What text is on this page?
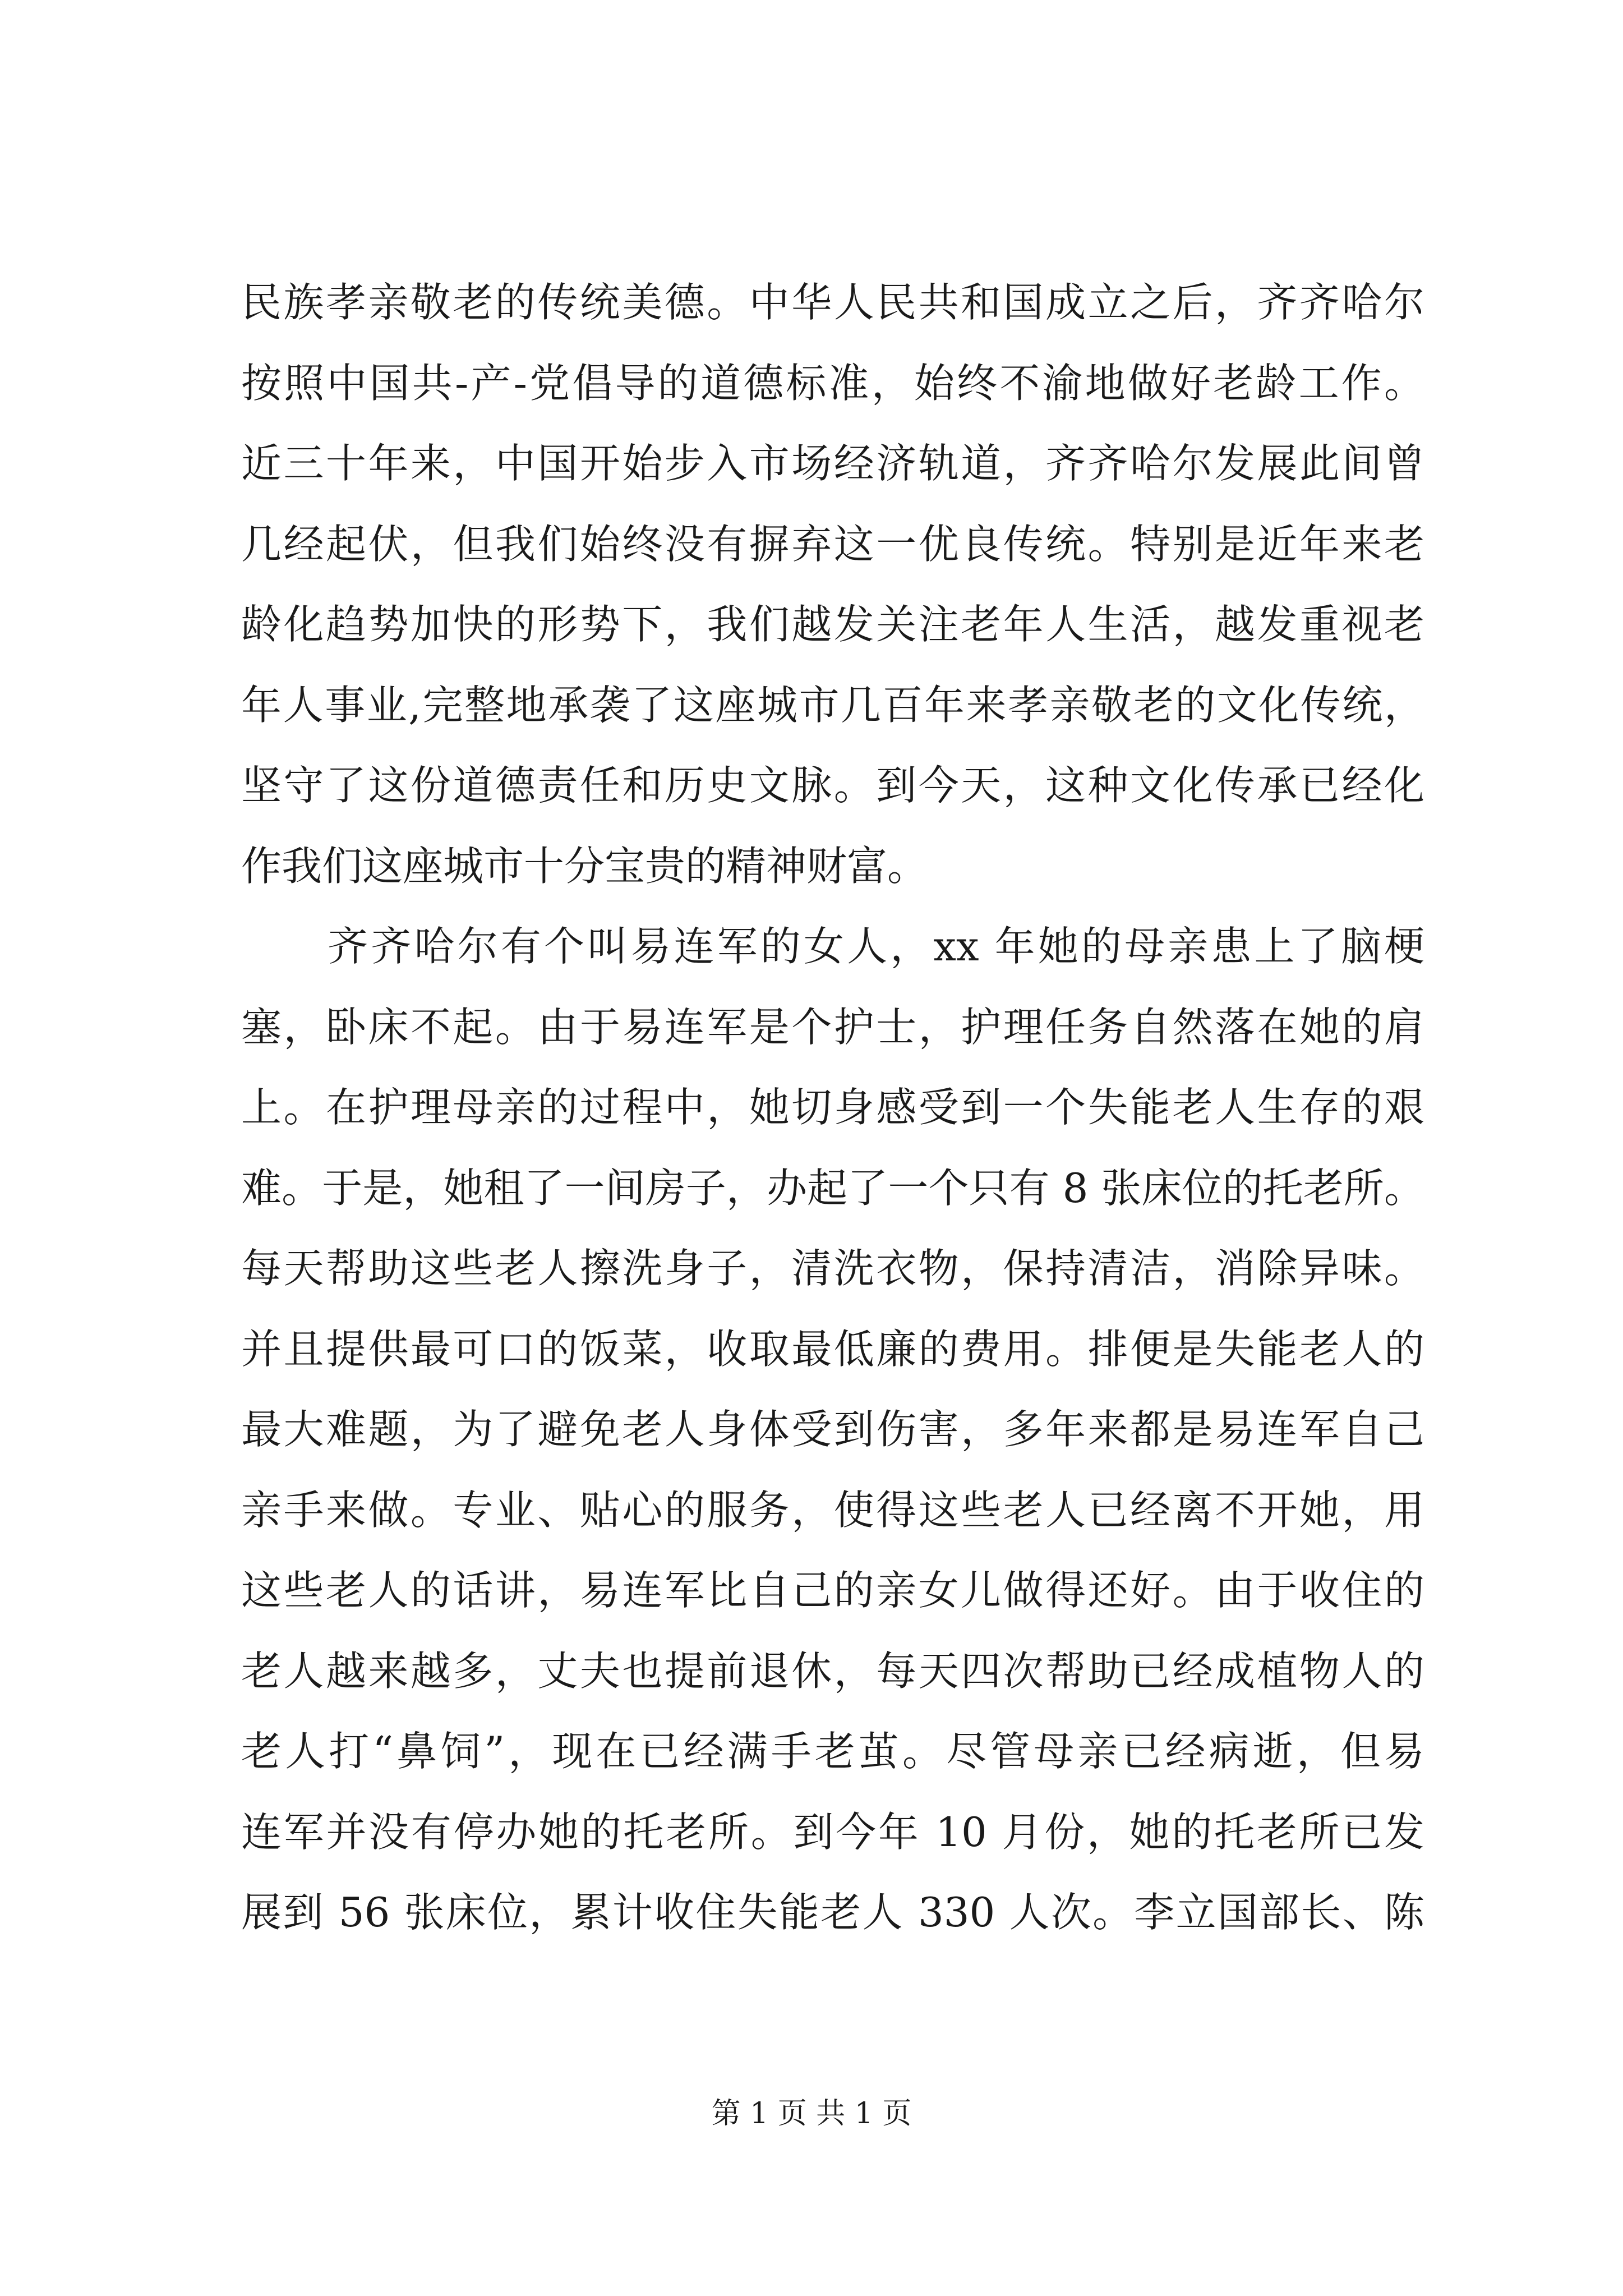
民族孝亲敬老的传统美德。中华人民共和国成立之后，齐齐哈尔
按照中国共-产-党倡导的道德标准，始终不渝地做好老龄工作。
近三十年来，中国开始步入市场经济轨道，齐齐哈尔发展此间曾
几经起伏，但我们始终没有摒弃这一优良传统。特别是近年来老
龄化趋势加快的形势下，我们越发关注老年人生活，越发重视老
年人事业,完整地承袭了这座城市几百年来孝亲敬老的文化传统，
坚守了这份道德责任和历史文脉。到今天，这种文化传承已经化
作我们这座城市十分宝贵的精神财富。
　　齐齐哈尔有个叫易连军的女人，xx 年她的母亲患上了脑梗
塞，卧床不起。由于易连军是个护士，护理任务自然落在她的肩
上。在护理母亲的过程中，她切身感受到一个失能老人生存的艰
难。于是，她租了一间房子，办起了一个只有 8 张床位的托老所。
每天帮助这些老人擦洗身子，清洗衣物，保持清洁，消除异味。
并且提供最可口的饭菜，收取最低廉的费用。排便是失能老人的
最大难题，为了避免老人身体受到伤害，多年来都是易连军自己
亲手来做。专业、贴心的服务，使得这些老人已经离不开她，用
这些老人的话讲，易连军比自己的亲女儿做得还好。由于收住的
老人越来越多，丈夫也提前退休，每天四次帮助已经成植物人的
老人打“鼻饲”，现在已经满手老茧。尽管母亲已经病逝，但易
连军并没有停办她的托老所。到今年 10 月份，她的托老所已发
展到 56 张床位，累计收住失能老人 330 人次。李立国部长、陈
第 1 页 共 1 页
